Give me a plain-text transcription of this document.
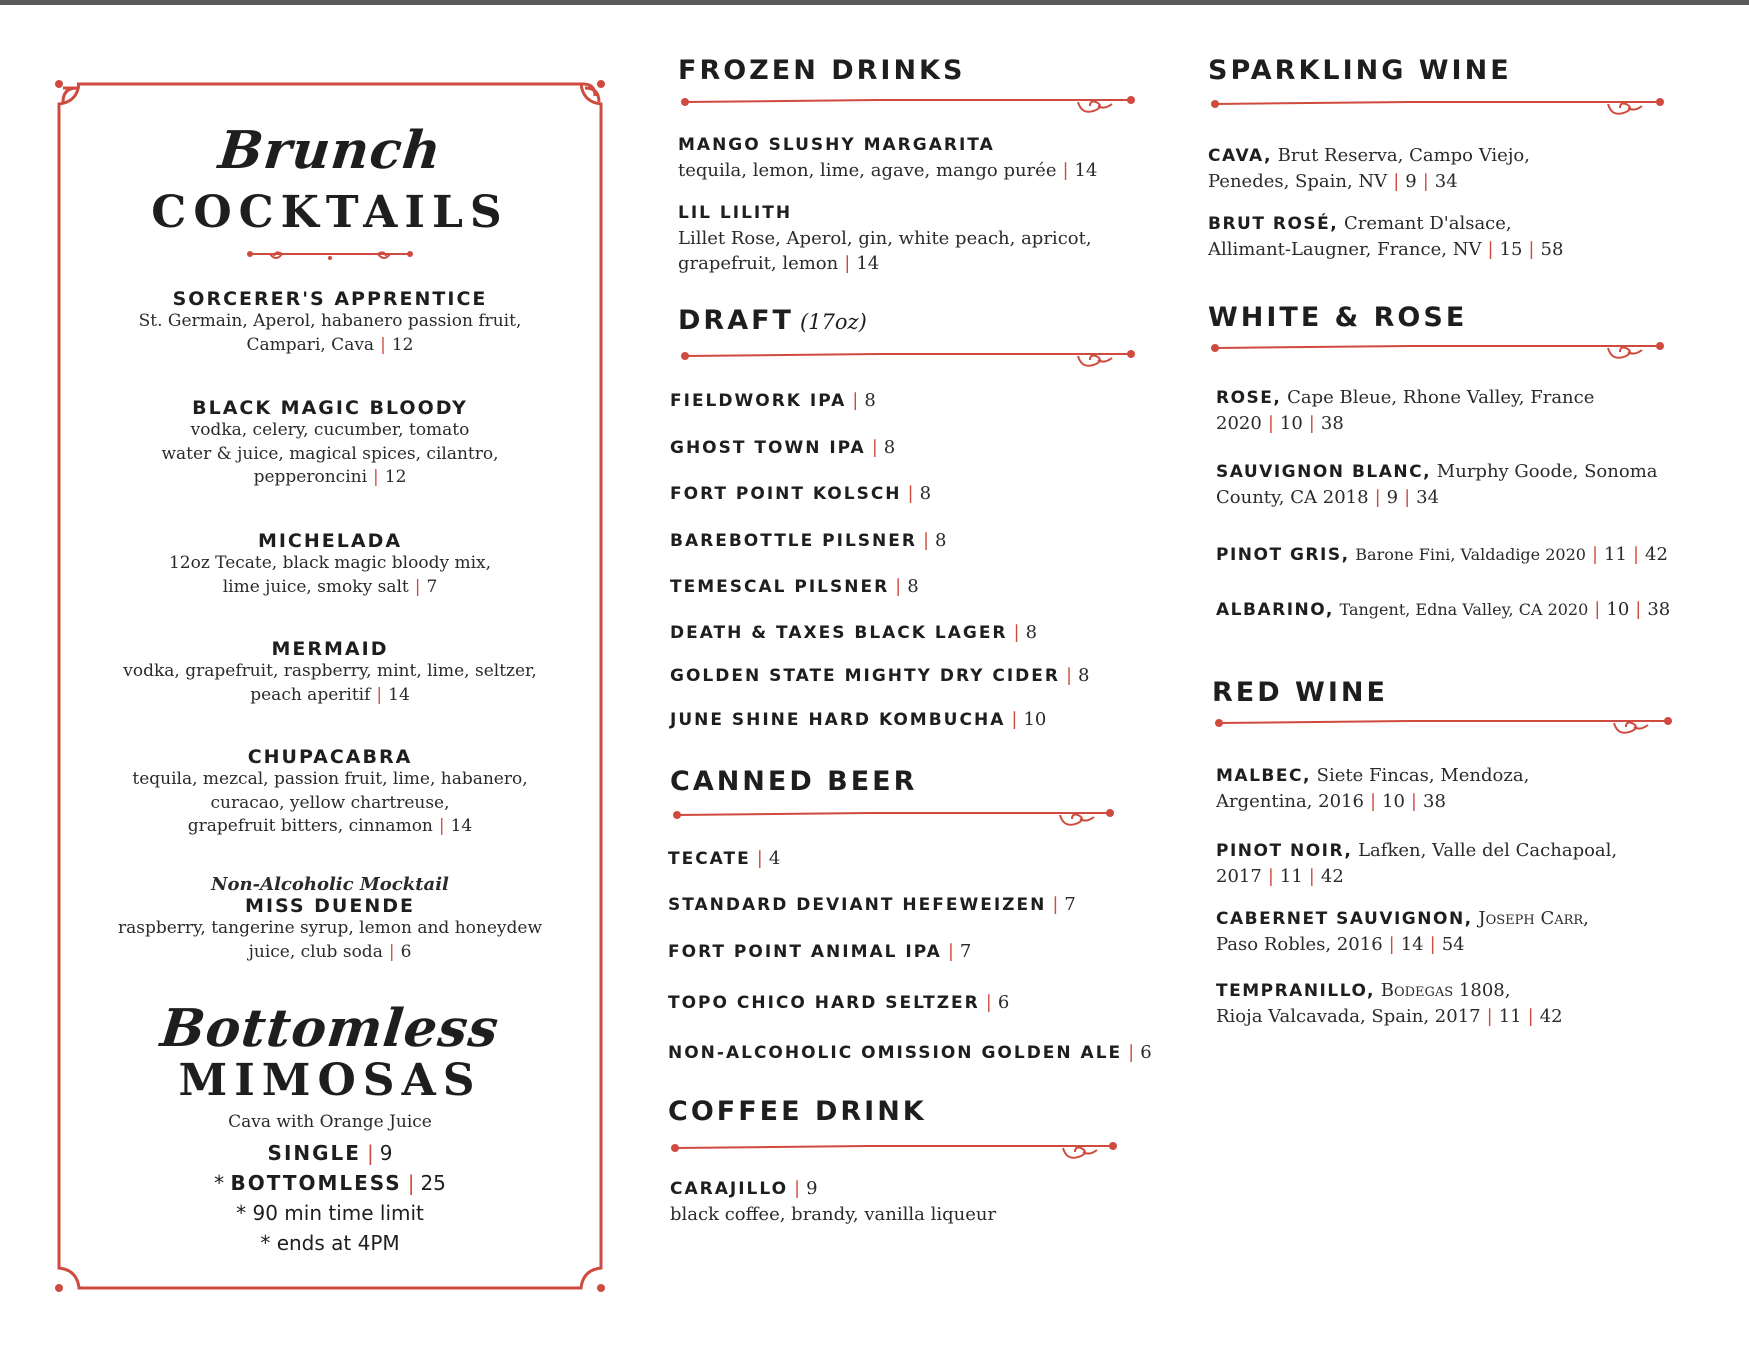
Brunch
COCKTAILS
SORCERER'S APPRENTICE
St. Germain, Aperol, habanero passion fruit,
Campari, Cava | 12
BLACK MAGIC BLOODY
vodka, celery, cucumber, tomato
water & juice, magical spices, cilantro,
pepperoncini | 12
MICHELADA
12oz Tecate, black magic bloody mix,
lime juice, smoky salt | 7
MERMAID
vodka, grapefruit, raspberry, mint, lime, seltzer,
peach aperitif | 14
CHUPACABRA
tequila, mezcal, passion fruit, lime, habanero,
curacao, yellow chartreuse,
grapefruit bitters, cinnamon | 14
Non-Alcoholic Mocktail
MISS DUENDE
raspberry, tangerine syrup, lemon and honeydew
juice, club soda | 6
Bottomless
MIMOSAS
Cava with Orange Juice
SINGLE | 9
* BOTTOMLESS | 25
* 90 min time limit
* ends at 4PM
FROZEN DRINKS
MANGO SLUSHY MARGARITA
tequila, lemon, lime, agave, mango purée | 14
LIL LILITH
Lillet Rose, Aperol, gin, white peach, apricot,
grapefruit, lemon | 14
DRAFT (17oz)
FIELDWORK IPA | 8
GHOST TOWN IPA | 8
FORT POINT KOLSCH | 8
BAREBOTTLE PILSNER | 8
TEMESCAL PILSNER | 8
DEATH & TAXES BLACK LAGER | 8
GOLDEN STATE MIGHTY DRY CIDER | 8
JUNE SHINE HARD KOMBUCHA | 10
CANNED BEER
TECATE | 4
STANDARD DEVIANT HEFEWEIZEN | 7
FORT POINT ANIMAL IPA | 7
TOPO CHICO HARD SELTZER | 6
NON-ALCOHOLIC OMISSION GOLDEN ALE | 6
COFFEE DRINK
CARAJILLO | 9
black coffee, brandy, vanilla liqueur
SPARKLING WINE
CAVA, Brut Reserva, Campo Viejo,
Penedes, Spain, NV | 9 | 34
BRUT ROSÉ, Cremant D'alsace,
Allimant-Laugner, France, NV | 15 | 58
WHITE & ROSE
ROSE, Cape Bleue, Rhone Valley, France
2020 | 10 | 38
SAUVIGNON BLANC, Murphy Goode, Sonoma
County, CA 2018 | 9 | 34
PINOT GRIS, Barone Fini, Valdadige 2020 | 11 | 42
ALBARINO, Tangent, Edna Valley, CA 2020 | 10 | 38
RED WINE
MALBEC, Siete Fincas, Mendoza,
Argentina, 2016 | 10 | 38
PINOT NOIR, Lafken, Valle del Cachapoal,
2017 | 11 | 42
CABERNET SAUVIGNON, Joseph Carr,
Paso Robles, 2016 | 14 | 54
TEMPRANILLO, Bodegas 1808,
Rioja Valcavada, Spain, 2017 | 11 | 42
